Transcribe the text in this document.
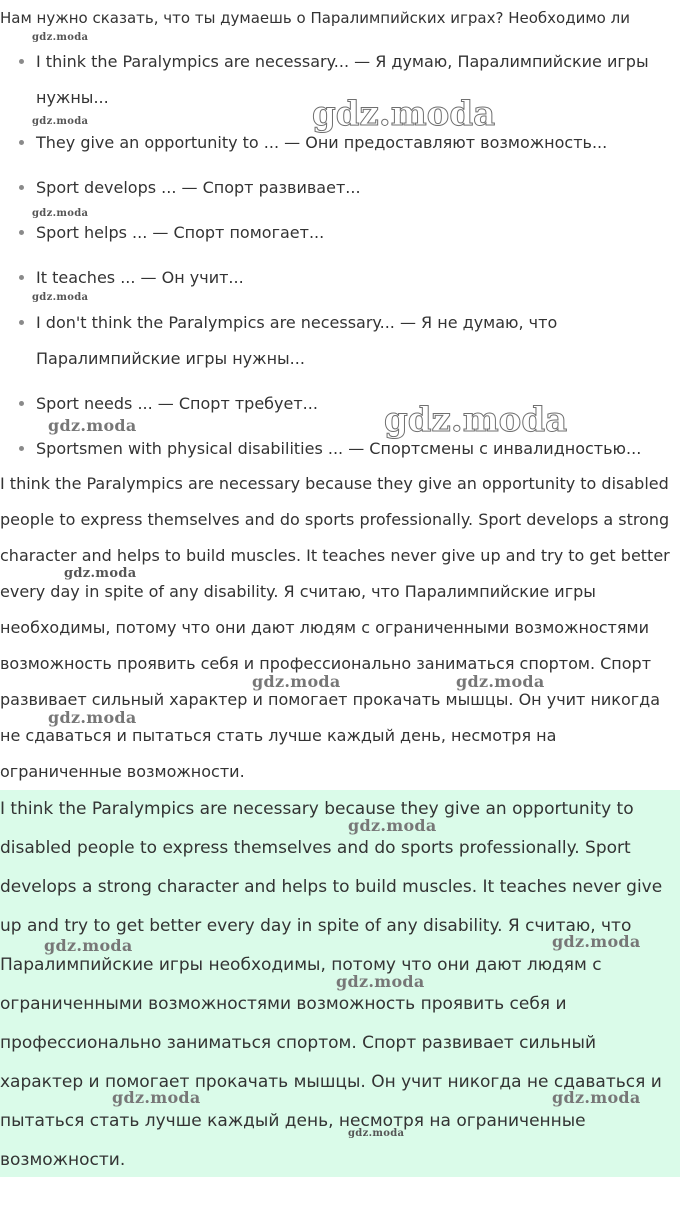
Нам нужно сказать, что ты думаешь о Паралимпийских играх? Необходимо ли
I think the Paralympics are necessary... — Я думаю, Паралимпийские игры нужны...
They give an opportunity to ... — Они предоставляют возможность...
Sport develops ... — Спорт развивает...
Sport helps ... — Спорт помогает...
It teaches ... — Он учит...
I don't think the Paralympics are necessary... — Я не думаю, что Паралимпийские игры нужны...
Sport needs ... — Спорт требует...
Sportsmen with physical disabilities ... — Спортсмены с инвалидностью...

I think the Paralympics are necessary because they give an opportunity to disabled people to express themselves and do sports professionally. Sport develops a strong character and helps to build muscles. It teaches never give up and try to get better every day in spite of any disability. Я считаю, что Паралимпийские игры необходимы, потому что они дают людям с ограниченными возможностями возможность проявить себя и профессионально заниматься спортом. Спорт развивает сильный характер и помогает прокачать мышцы. Он учит никогда не сдаваться и пытаться стать лучше каждый день, несмотря на ограниченные возможности.

I think the Paralympics are necessary because they give an opportunity to disabled people to express themselves and do sports professionally. Sport develops a strong character and helps to build muscles. It teaches never give up and try to get better every day in spite of any disability. Я считаю, что Паралимпийские игры необходимы, потому что они дают людям с ограниченными возможностями возможность проявить себя и профессионально заниматься спортом. Спорт развивает сильный характер и помогает прокачать мышцы. Он учит никогда не сдаваться и пытаться стать лучше каждый день, несмотря на ограниченные возможности.

gdz.moda
gdz.moda	gdz.moda
gdz.moda
gdz.moda
gdz.moda
gdz.moda
gdz.moda
gdz.moda	gdz.moda
gdz.moda
gdz.moda
gdz.moda	gdz.moda
gdz.moda
gdz.moda	gdz.moda
gdz.moda
